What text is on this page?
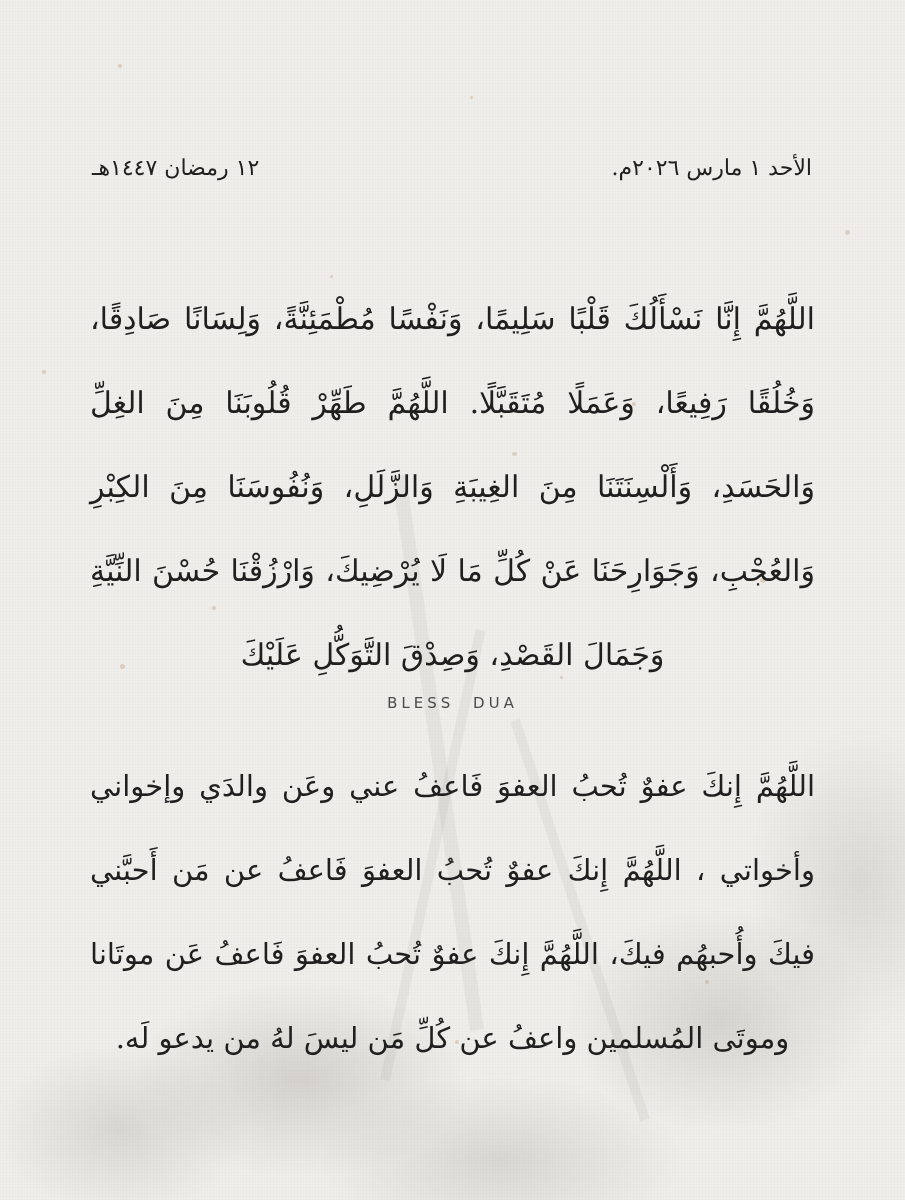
الأحد ١ مارس ٢٠٢٦م.
١٢ رمضان ١٤٤٧هـ
اللَّهُمَّ إِنَّا نَسْأَلُكَ قَلْبًا سَلِيمًا، وَنَفْسًا مُطْمَئِنَّةً، وَلِسَانًا صَادِقًا، وَخُلُقًا رَفِيعًا، وَعَمَلًا مُتَقَبَّلًا. اللَّهُمَّ طَهِّرْ قُلُوبَنَا مِنَ الغِلِّ وَالحَسَدِ، وَأَلْسِنَتَنَا مِنَ الغِيبَةِ وَالزَّلَلِ، وَنُفُوسَنَا مِنَ الكِبْرِ وَالعُجْبِ، وَجَوَارِحَنَا عَنْ كُلِّ مَا لَا يُرْضِيكَ، وَارْزُقْنَا حُسْنَ النِّيَّةِ وَجَمَالَ القَصْدِ، وَصِدْقَ التَّوَكُّلِ عَلَيْكَ
BLESS DUA
اللَّهُمَّ إِنكَ عفوٌ تُحبُ العفوَ فَاعفُ عني وعَن والدَي وإخواني وأخواتي ، اللَّهُمَّ إِنكَ عفوٌ تُحبُ العفوَ فَاعفُ عن مَن أَحبَّني فيكَ وأُحبهُم فيكَ، اللَّهُمَّ إِنكَ عفوٌ تُحبُ العفوَ فَاعفُ عَن موتَانا وموتَى المُسلمين واعفُ عن كُلِّ مَن ليسَ لهُ من يدعو لَه.
